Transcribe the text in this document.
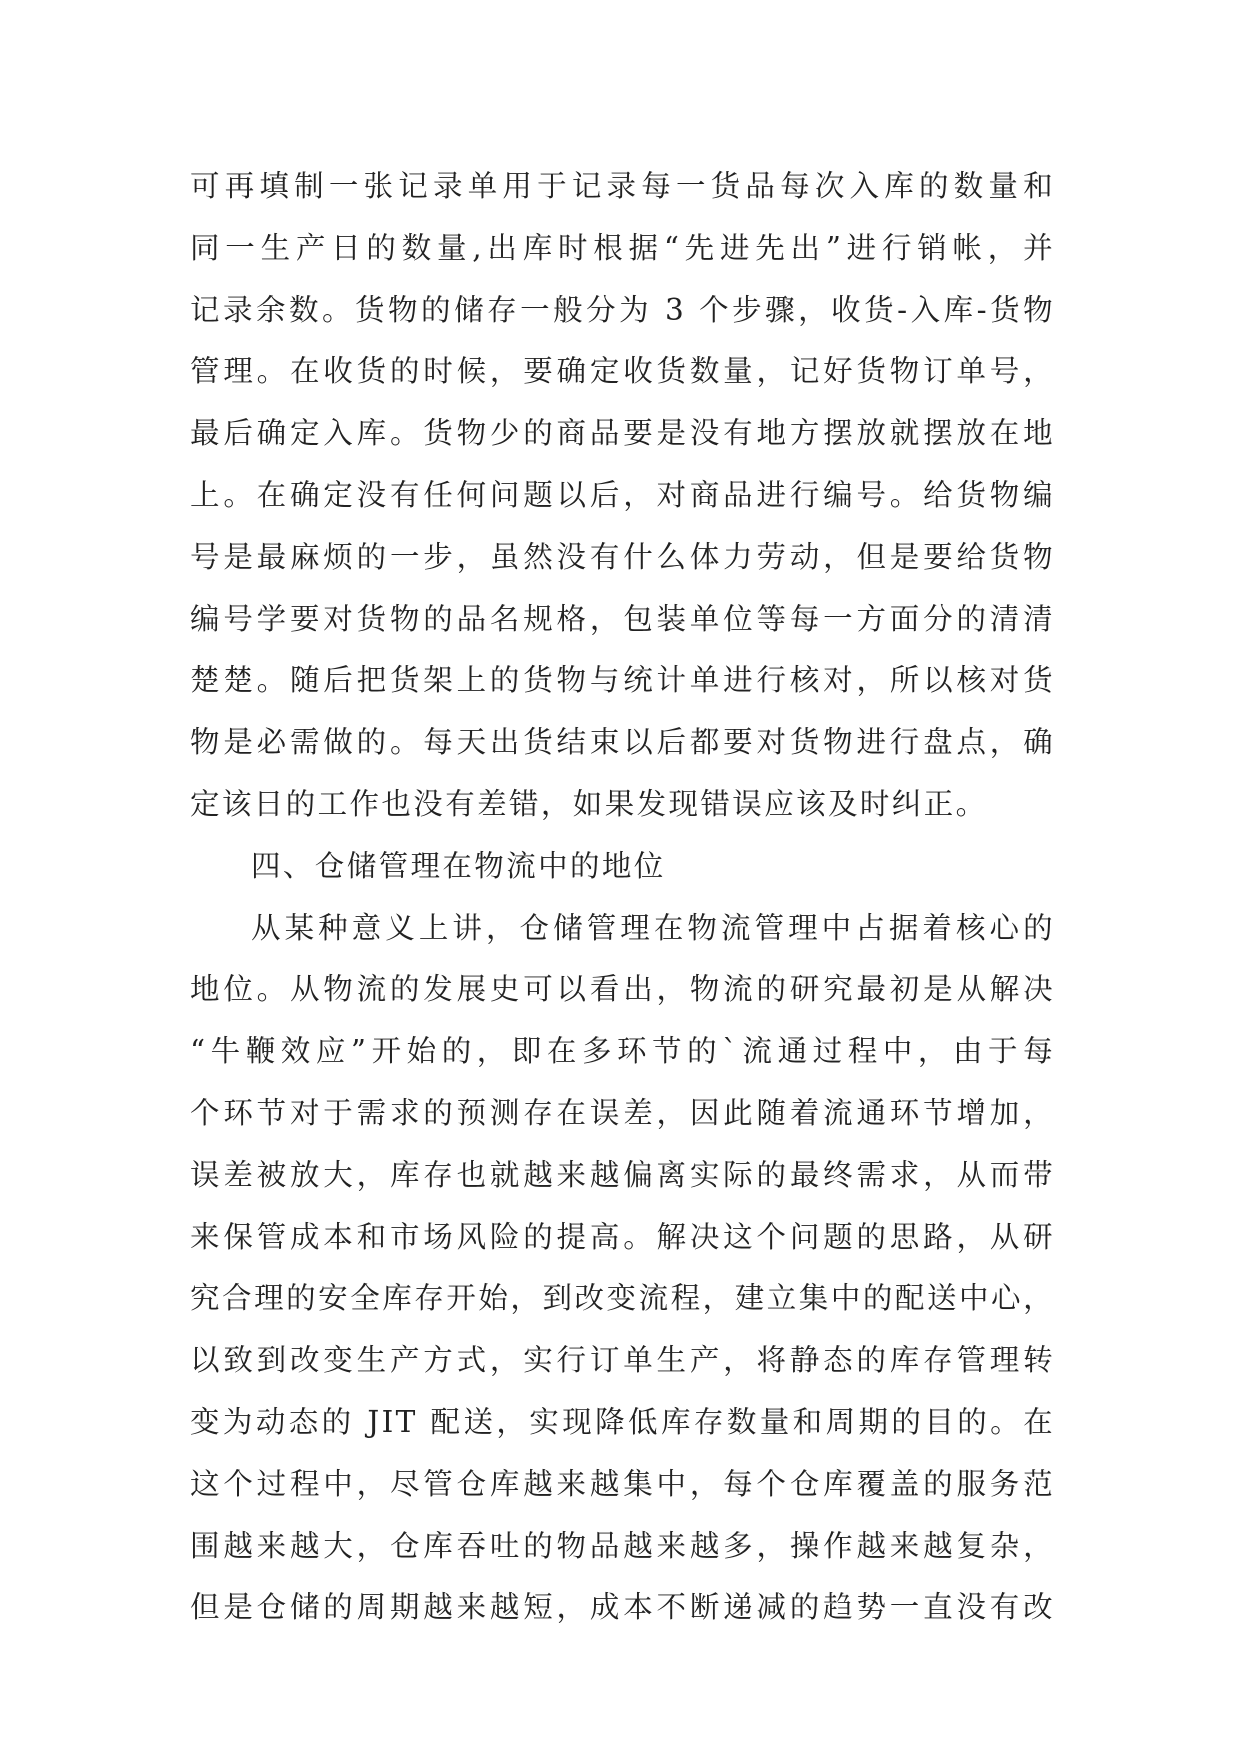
可再填制一张记录单用于记录每一货品每次入库的数量和
同一生产日的数量,出库时根据“先进先出”进行销帐，并
记录余数。货物的储存一般分为 3 个步骤，收货-入库-货物
管理。在收货的时候，要确定收货数量，记好货物订单号，
最后确定入库。货物少的商品要是没有地方摆放就摆放在地
上。在确定没有任何问题以后，对商品进行编号。给货物编
号是最麻烦的一步，虽然没有什么体力劳动，但是要给货物
编号学要对货物的品名规格，包装单位等每一方面分的清清
楚楚。随后把货架上的货物与统计单进行核对，所以核对货
物是必需做的。每天出货结束以后都要对货物进行盘点，确
定该日的工作也没有差错，如果发现错误应该及时纠正。
四、仓储管理在物流中的地位
从某种意义上讲，仓储管理在物流管理中占据着核心的
地位。从物流的发展史可以看出，物流的研究最初是从解决
“牛鞭效应”开始的，即在多环节的`流通过程中，由于每
个环节对于需求的预测存在误差，因此随着流通环节增加，
误差被放大，库存也就越来越偏离实际的最终需求，从而带
来保管成本和市场风险的提高。解决这个问题的思路，从研
究合理的安全库存开始，到改变流程，建立集中的配送中心，
以致到改变生产方式，实行订单生产，将静态的库存管理转
变为动态的 JIT 配送，实现降低库存数量和周期的目的。在
这个过程中，尽管仓库越来越集中，每个仓库覆盖的服务范
围越来越大，仓库吞吐的物品越来越多，操作越来越复杂，
但是仓储的周期越来越短，成本不断递减的趋势一直没有改
